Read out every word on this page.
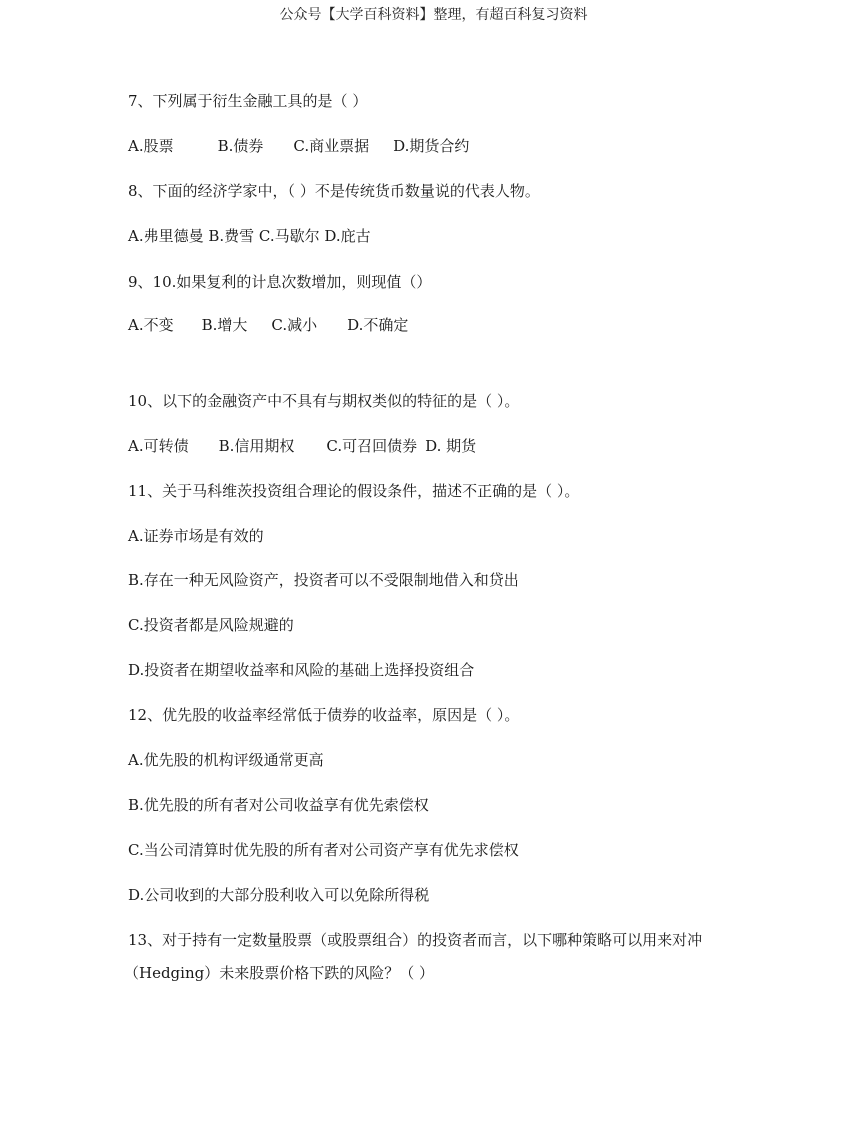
公众号【大学百科资料】整理，有超百科复习资料
7、下列属于衍生金融工具的是（ ）
A.股票	B.债券 C.商业票据 D.期货合约
8、下面的经济学家中，（ ）不是传统货币数量说的代表人物。
A.弗里德曼 B.费雪 C.马歇尔 D.庇古
9、10.如果复利的计息次数增加，则现值（）
A.不变 B.增大 C.减小 D.不确定
10、以下的金融资产中不具有与期权类似的特征的是（ ）。
A.可转债 B.信用期权 C.可召回债券 D. 期货
11、关于马科维茨投资组合理论的假设条件，描述不正确的是（ ）。
A.证券市场是有效的
B.存在一种无风险资产，投资者可以不受限制地借入和贷出
C.投资者都是风险规避的
D.投资者在期望收益率和风险的基础上选择投资组合
12、优先股的收益率经常低于债券的收益率，原因是（ ）。
A.优先股的机构评级通常更高
B.优先股的所有者对公司收益享有优先索偿权
C.当公司清算时优先股的所有者对公司资产享有优先求偿权
D.公司收到的大部分股利收入可以免除所得税
13、对于持有一定数量股票（或股票组合）的投资者而言，以下哪种策略可以用来对冲
（Hedging）未来股票价格下跌的风险？（ ）
